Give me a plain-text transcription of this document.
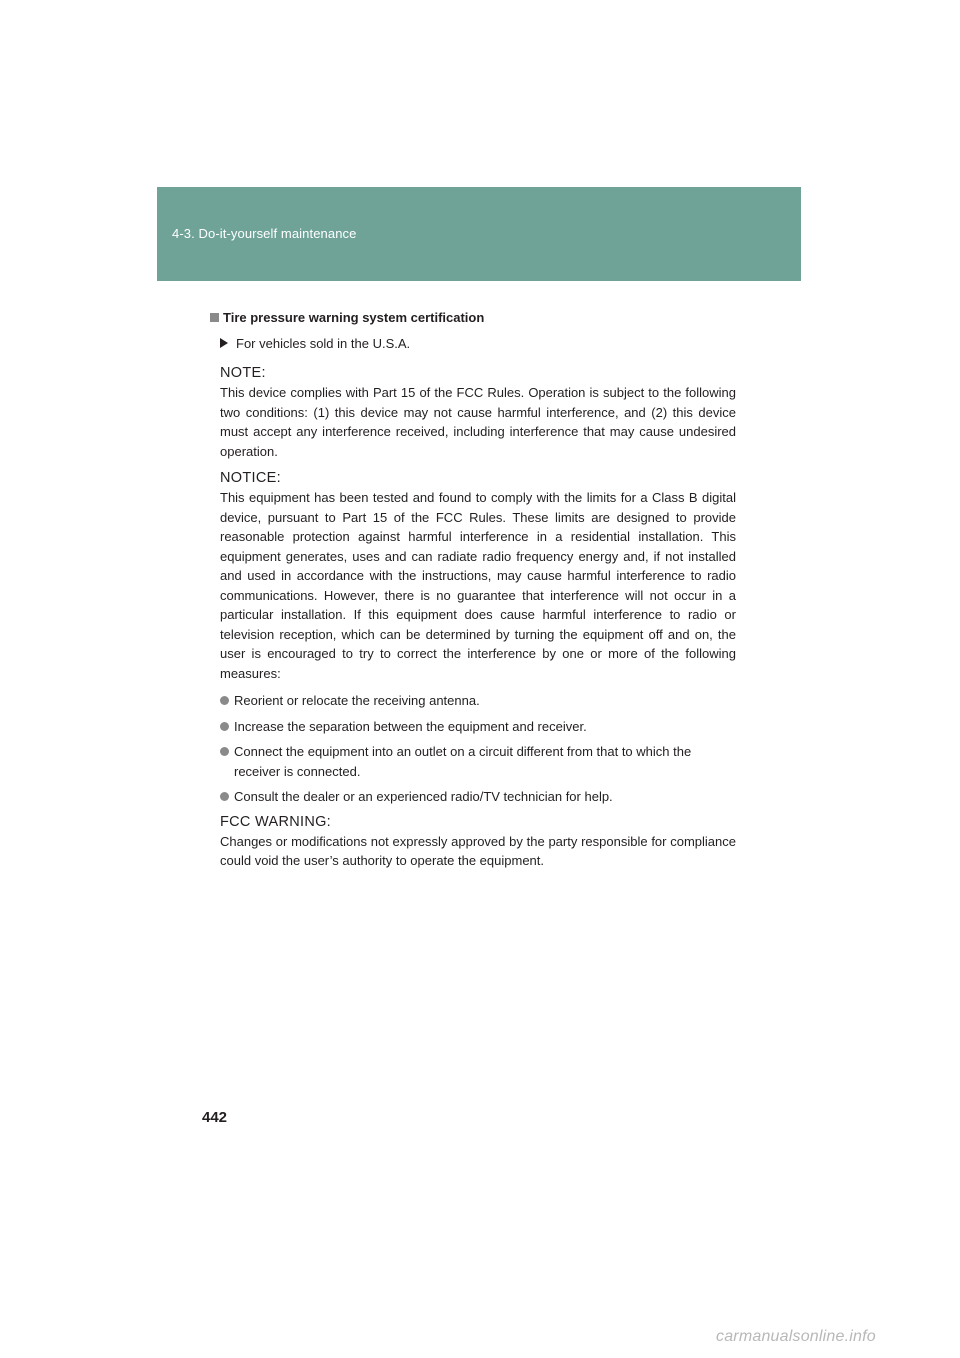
4-3. Do-it-yourself maintenance
Tire pressure warning system certification
For vehicles sold in the U.S.A.
NOTE:
This device complies with Part 15 of the FCC Rules. Operation is subject to the following two conditions: (1) this device may not cause harmful interference, and (2) this device must accept any interference received, including interference that may cause undesired operation.
NOTICE:
This equipment has been tested and found to comply with the limits for a Class B digital device, pursuant to Part 15 of the FCC Rules. These limits are designed to provide reasonable protection against harmful interference in a residential installation. This equipment generates, uses and can radiate radio frequency energy and, if not installed and used in accordance with the instructions, may cause harmful interference to radio communications. However, there is no guarantee that interference will not occur in a particular installation. If this equipment does cause harmful interference to radio or television reception, which can be determined by turning the equipment off and on, the user is encouraged to try to correct the interference by one or more of the following measures:
Reorient or relocate the receiving antenna.
Increase the separation between the equipment and receiver.
Connect the equipment into an outlet on a circuit different from that to which the receiver is connected.
Consult the dealer or an experienced radio/TV technician for help.
FCC WARNING:
Changes or modifications not expressly approved by the party responsible for compliance could void the user’s authority to operate the equipment.
442
carmanualsonline.info
